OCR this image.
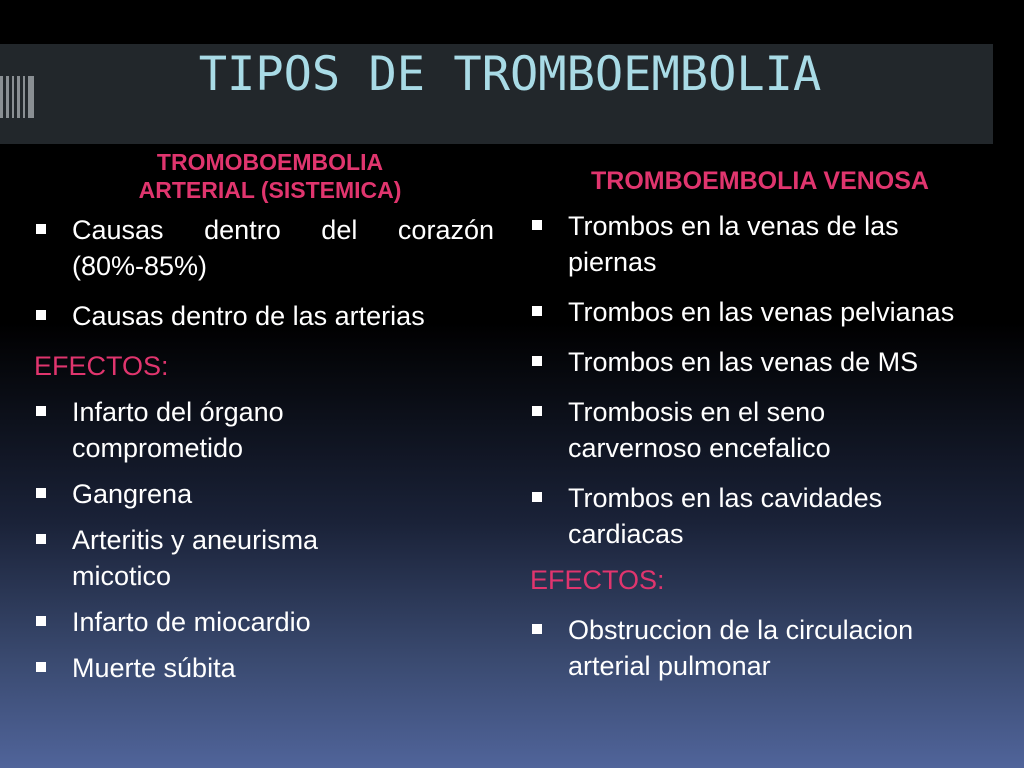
TIPOS DE TROMBOEMBOLIA
TROMOBOEMBOLIA
ARTERIAL (SISTEMICA)
Causas dentro del corazón (80%-85%)
Causas dentro de las arterias
EFECTOS:
Infarto del órgano comprometido
Gangrena
Arteritis y aneurisma micotico
Infarto de miocardio
Muerte súbita
TROMBOEMBOLIA VENOSA
Trombos en la venas de las piernas
Trombos en las venas pelvianas
Trombos en las venas de MS
Trombosis en el seno carvernoso encefalico
Trombos en las cavidades cardiacas
EFECTOS:
Obstruccion de la circulacion arterial pulmonar
